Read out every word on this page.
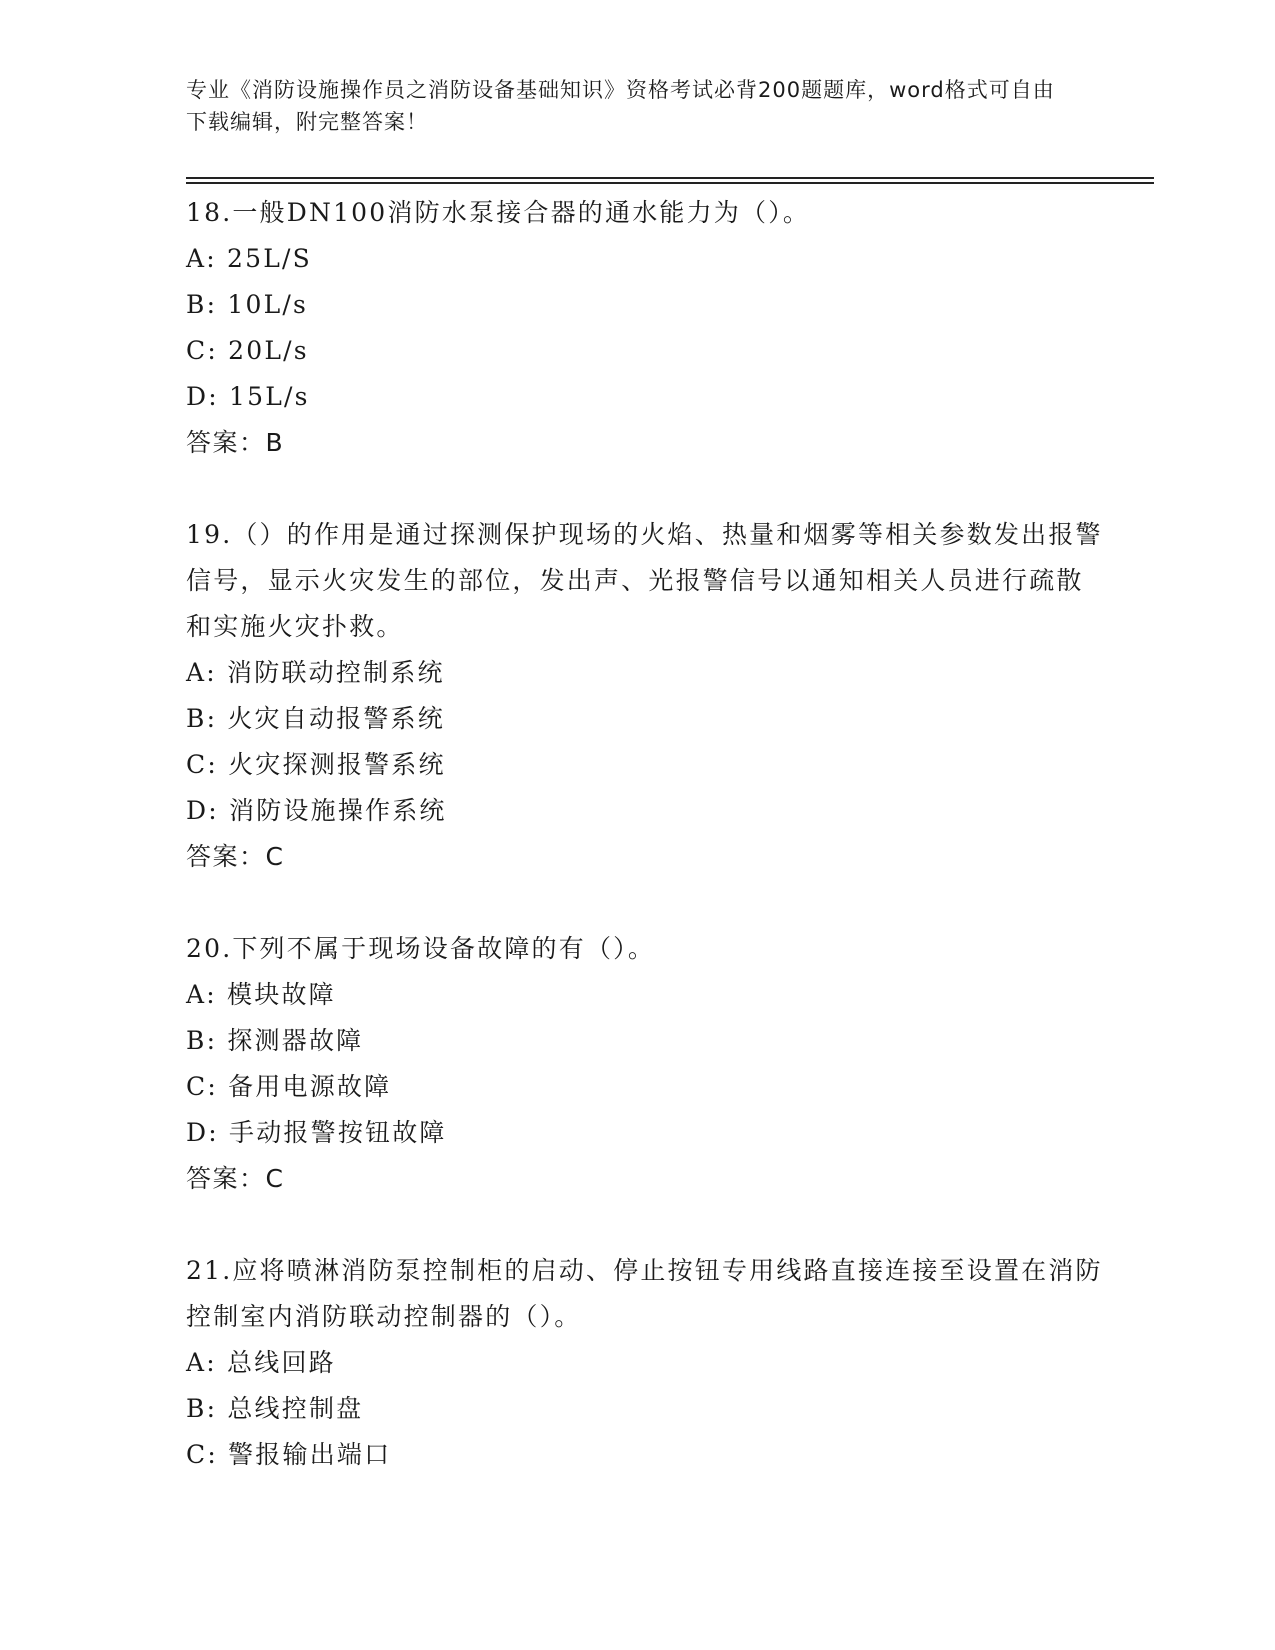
专业《消防设施操作员之消防设备基础知识》资格考试必背200题题库，word格式可自由下载编辑，附完整答案！
18.一般DN100消防水泵接合器的通水能力为（）。
A: 25L/S
B: 10L/s
C: 20L/s
D: 15L/s
答案：B
19.（）的作用是通过探测保护现场的火焰、热量和烟雾等相关参数发出报警信号，显示火灾发生的部位，发出声、光报警信号以通知相关人员进行疏散和实施火灾扑救。
A: 消防联动控制系统
B: 火灾自动报警系统
C: 火灾探测报警系统
D: 消防设施操作系统
答案：C
20.下列不属于现场设备故障的有（）。
A: 模块故障
B: 探测器故障
C: 备用电源故障
D: 手动报警按钮故障
答案：C
21.应将喷淋消防泵控制柜的启动、停止按钮专用线路直接连接至设置在消防控制室内消防联动控制器的（）。
A: 总线回路
B: 总线控制盘
C: 警报输出端口
